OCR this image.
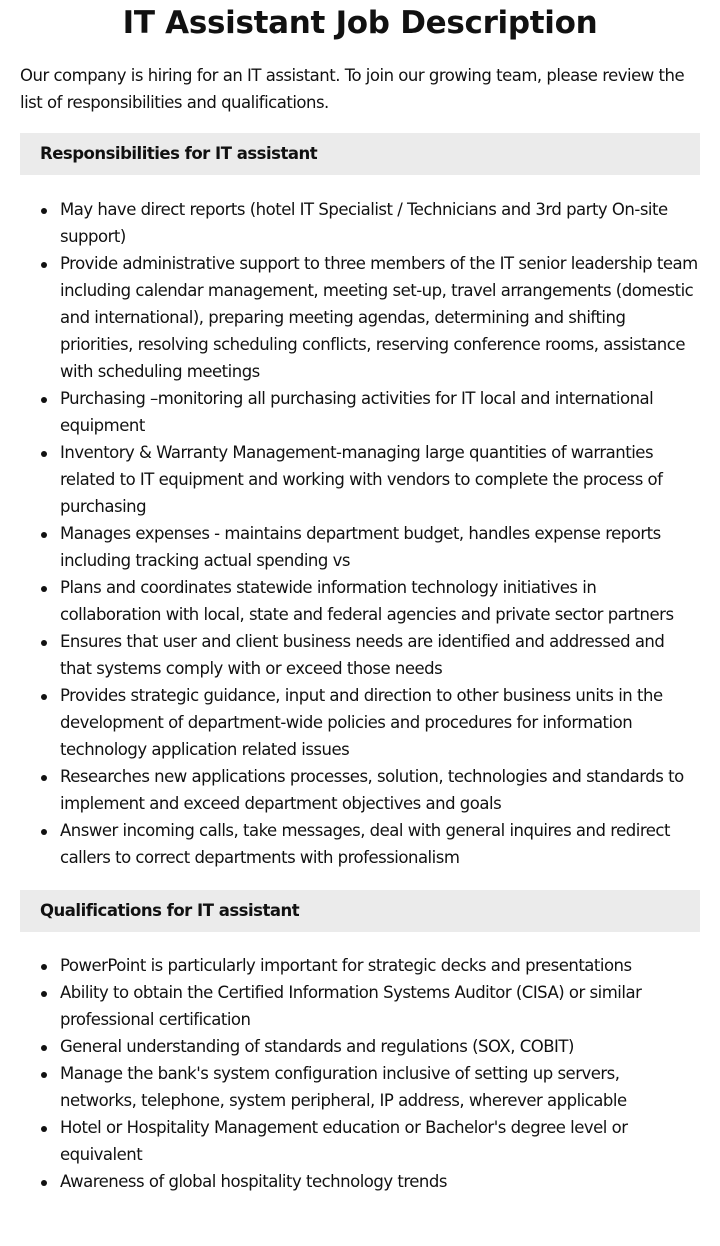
IT Assistant Job Description

Our company is hiring for an IT assistant. To join our growing team, please review the list of responsibilities and qualifications.

Responsibilities for IT assistant
May have direct reports (hotel IT Specialist / Technicians and 3rd party On-site support)
Provide administrative support to three members of the IT senior leadership team including calendar management, meeting set-up, travel arrangements (domestic and international), preparing meeting agendas, determining and shifting priorities, resolving scheduling conflicts, reserving conference rooms, assistance with scheduling meetings
Purchasing –monitoring all purchasing activities for IT local and international equipment
Inventory & Warranty Management-managing large quantities of warranties related to IT equipment and working with vendors to complete the process of purchasing
Manages expenses - maintains department budget, handles expense reports including tracking actual spending vs
Plans and coordinates statewide information technology initiatives in collaboration with local, state and federal agencies and private sector partners
Ensures that user and client business needs are identified and addressed and that systems comply with or exceed those needs
Provides strategic guidance, input and direction to other business units in the development of department-wide policies and procedures for information technology application related issues
Researches new applications processes, solution, technologies and standards to implement and exceed department objectives and goals
Answer incoming calls, take messages, deal with general inquires and redirect callers to correct departments with professionalism
Qualifications for IT assistant
PowerPoint is particularly important for strategic decks and presentations
Ability to obtain the Certified Information Systems Auditor (CISA) or similar professional certification
General understanding of standards and regulations (SOX, COBIT)
Manage the bank's system configuration inclusive of setting up servers, networks, telephone, system peripheral, IP address, wherever applicable
Hotel or Hospitality Management education or Bachelor's degree level or equivalent
Awareness of global hospitality technology trends
